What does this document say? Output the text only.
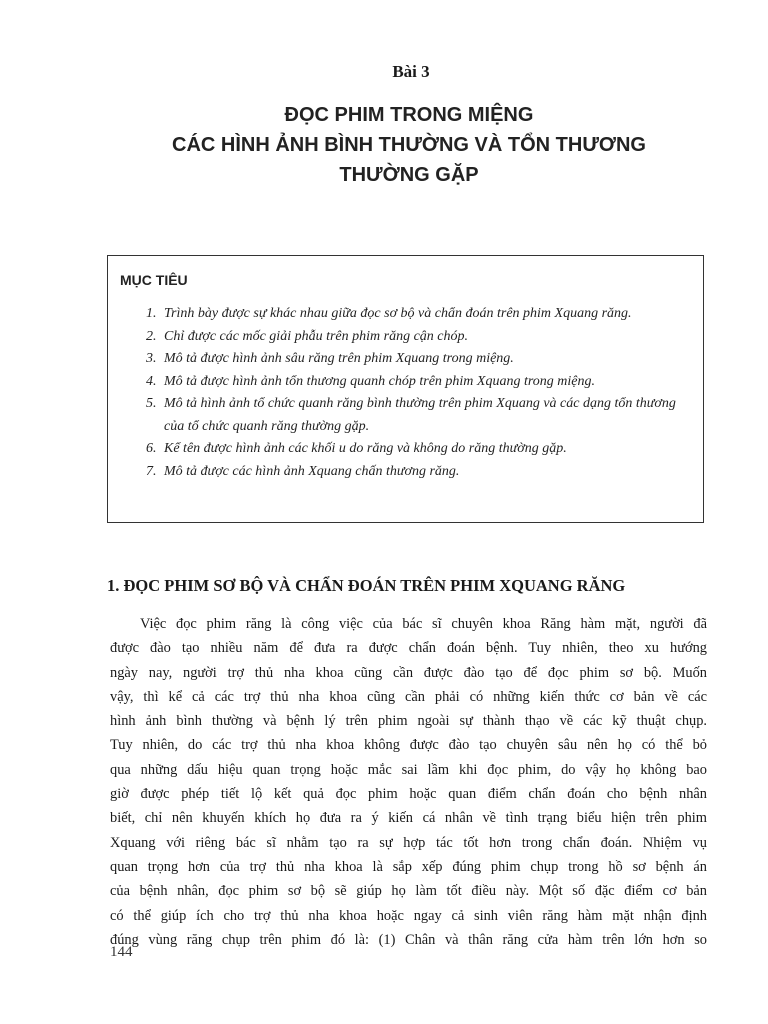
Bài 3
ĐỌC PHIM TRONG MIỆNG
CÁC HÌNH ẢNH BÌNH THƯỜNG VÀ TỔN THƯƠNG
THƯỜNG GẶP
MỤC TIÊU
1. Trình bày được sự khác nhau giữa đọc sơ bộ và chẩn đoán trên phim Xquang răng.
2. Chỉ được các mốc giải phẫu trên phim răng cận chóp.
3. Mô tả được hình ảnh sâu răng trên phim Xquang trong miệng.
4. Mô tả được hình ảnh tổn thương quanh chóp trên phim Xquang trong miệng.
5. Mô tả hình ảnh tổ chức quanh răng bình thường trên phim Xquang và các dạng tổn thương của tổ chức quanh răng thường gặp.
6. Kể tên được hình ảnh các khối u do răng và không do răng thường gặp.
7. Mô tả được các hình ảnh Xquang chấn thương răng.
1. ĐỌC PHIM SƠ BỘ VÀ CHẨN ĐOÁN TRÊN PHIM XQUANG RĂNG
Việc đọc phim răng là công việc của bác sĩ chuyên khoa Răng hàm mặt, người đã
được đào tạo nhiều năm để đưa ra được chẩn đoán bệnh. Tuy nhiên, theo xu hướng
ngày nay, người trợ thủ nha khoa cũng cần được đào tạo để đọc phim sơ bộ. Muốn
vậy, thì kể cả các trợ thủ nha khoa cũng cần phải có những kiến thức cơ bản về các
hình ảnh bình thường và bệnh lý trên phim ngoài sự thành thạo về các kỹ thuật chụp.
Tuy nhiên, do các trợ thủ nha khoa không được đào tạo chuyên sâu nên họ có thể bỏ
qua những dấu hiệu quan trọng hoặc mắc sai lầm khi đọc phim, do vậy họ không bao
giờ được phép tiết lộ kết quả đọc phim hoặc quan điểm chẩn đoán cho bệnh nhân
biết, chỉ nên khuyến khích họ đưa ra ý kiến cá nhân về tình trạng biểu hiện trên phim
Xquang với riêng bác sĩ nhằm tạo ra sự hợp tác tốt hơn trong chẩn đoán. Nhiệm vụ
quan trọng hơn của trợ thủ nha khoa là sắp xếp đúng phim chụp trong hồ sơ bệnh án
của bệnh nhân, đọc phim sơ bộ sẽ giúp họ làm tốt điều này. Một số đặc điểm cơ bản
có thể giúp ích cho trợ thủ nha khoa hoặc ngay cả sinh viên răng hàm mặt nhận định
đúng vùng răng chụp trên phim đó là: (1) Chân và thân răng cửa hàm trên lớn hơn so
144
